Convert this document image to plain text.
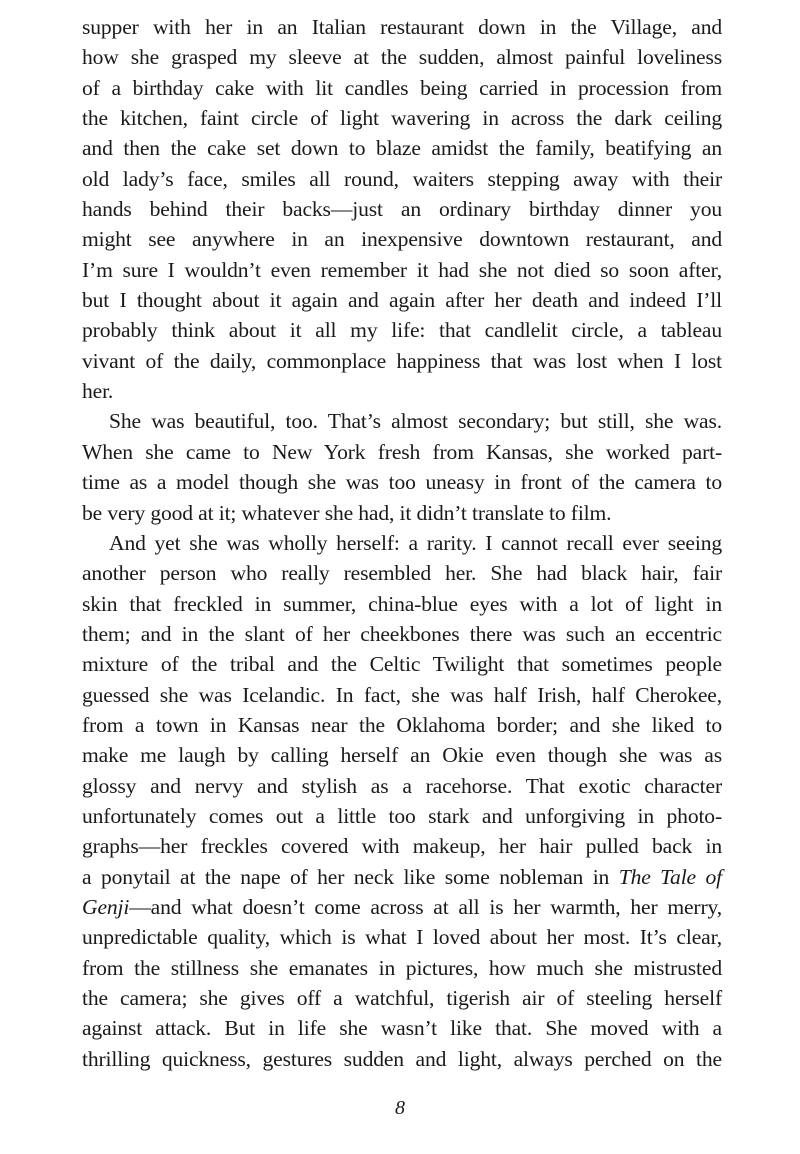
supper with her in an Italian restaurant down in the Village, and
how she grasped my sleeve at the sudden, almost painful loveliness
of a birthday cake with lit candles being carried in procession from
the kitchen, faint circle of light wavering in across the dark ceiling
and then the cake set down to blaze amidst the family, beatifying an
old lady’s face, smiles all round, waiters stepping away with their
hands behind their backs—just an ordinary birthday dinner you
might see anywhere in an inexpensive downtown restaurant, and
I’m sure I wouldn’t even remember it had she not died so soon after,
but I thought about it again and again after her death and indeed I’ll
probably think about it all my life: that candlelit circle, a tableau
vivant of the daily, commonplace happiness that was lost when I lost
her.
She was beautiful, too. That’s almost secondary; but still, she was.
When she came to New York fresh from Kansas, she worked part-
time as a model though she was too uneasy in front of the camera to
be very good at it; whatever she had, it didn’t translate to film.
And yet she was wholly herself: a rarity. I cannot recall ever seeing
another person who really resembled her. She had black hair, fair
skin that freckled in summer, china-blue eyes with a lot of light in
them; and in the slant of her cheekbones there was such an eccentric
mixture of the tribal and the Celtic Twilight that sometimes people
guessed she was Icelandic. In fact, she was half Irish, half Cherokee,
from a town in Kansas near the Oklahoma border; and she liked to
make me laugh by calling herself an Okie even though she was as
glossy and nervy and stylish as a racehorse. That exotic character
unfortunately comes out a little too stark and unforgiving in photo-
graphs—her freckles covered with makeup, her hair pulled back in
a ponytail at the nape of her neck like some nobleman in The Tale of
Genji—and what doesn’t come across at all is her warmth, her merry,
unpredictable quality, which is what I loved about her most. It’s clear,
from the stillness she emanates in pictures, how much she mistrusted
the camera; she gives off a watchful, tigerish air of steeling herself
against attack. But in life she wasn’t like that. She moved with a
thrilling quickness, gestures sudden and light, always perched on the
8
